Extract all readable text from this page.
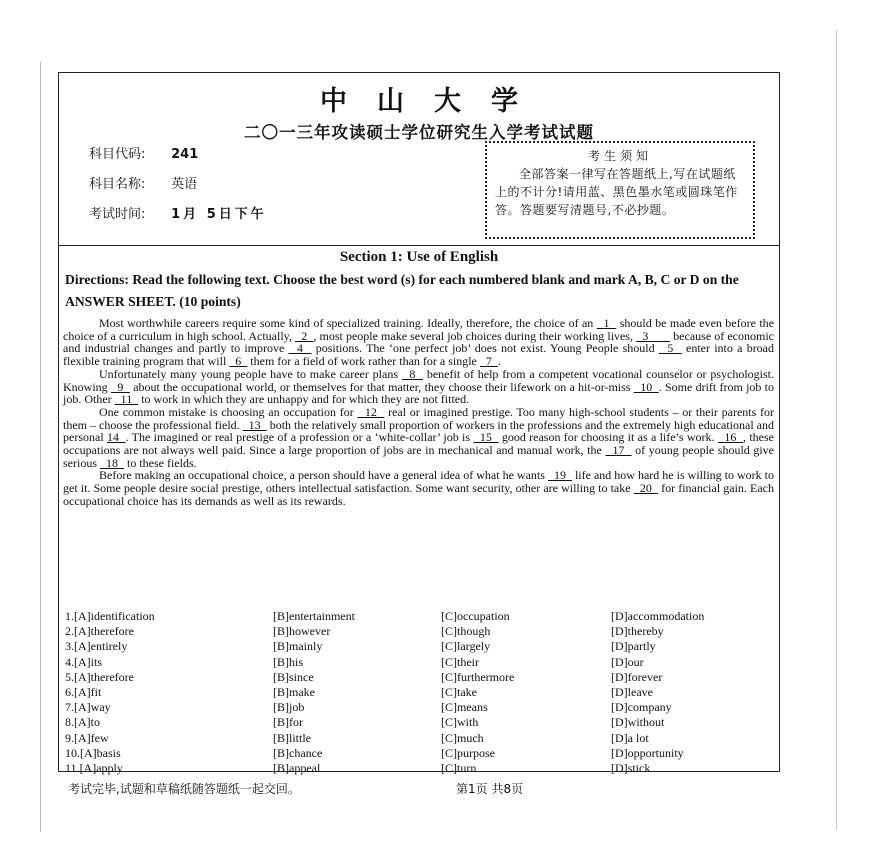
中山大学
二〇一三年攻读硕士学位研究生入学考试试题
科目代码: 241
科目名称: 英语
考试时间: 1月 5日下午
考生须知
全部答案一律写在答题纸上,写在试题纸上的不计分!请用蓝、黑色墨水笔或圆珠笔作答。答题要写清题号,不必抄题。
Section 1: Use of English
Directions: Read the following text. Choose the best word (s) for each numbered blank and mark A, B, C or D on the ANSWER SHEET. (10 points)

Most worthwhile careers require some kind of specialized training. Ideally, therefore, the choice of an   1   should be made even before the choice of a curriculum in high school. Actually,   2  , most people make several job choices during their working lives,   3        because of economic and industrial changes and partly to improve   4   positions. The ‘one perfect job’ does not exist. Young People should   5   enter into a broad flexible training program that will   6   them for a field of work rather than for a single   7  .

Unfortunately many young people have to make career plans   8   benefit of help from a competent vocational counselor or psychologist. Knowing   9   about the occupational world, or themselves for that matter, they choose their lifework on a hit-or-miss   10  . Some drift from job to job. Other   11   to work in which they are unhappy and for which they are not fitted.

One common mistake is choosing an occupation for   12   real or imagined prestige. Too many high-school students – or their parents for them – choose the professional field.   13   both the relatively small proportion of workers in the professions and the extremely high educational and personal 14  . The imagined or real prestige of a profession or a ‘white-collar’ job is   15   good reason for choosing it as a life’s work.   16  , these occupations are not always well paid. Since a large proportion of jobs are in mechanical and manual work, the   17   of young people should give serious   18   to these fields.

Before making an occupational choice, a person should have a general idea of what he wants   19   life and how hard he is willing to work to get it. Some people desire social prestige, others intellectual satisfaction. Some want security, other are willing to take   20   for financial gain. Each occupational choice has its demands as well as its rewards.

1.[A]identification	[B]entertainment	[C]occupation	[D]accommodation
2.[A]therefore	[B]however	[C]though	[D]thereby
3.[A]entirely	[B]mainly	[C]largely	[D]partly
4.[A]its	[B]his	[C]their	[D]our
5.[A]therefore	[B]since	[C]furthermore	[D]forever
6.[A]fit	[B]make	[C]take	[D]leave
7.[A]way	[B]job	[C]means	[D]company
8.[A]to	[B]for	[C]with	[D]without
9.[A]few	[B]little	[C]much	[D]a lot
10.[A]basis	[B]chance	[C]purpose	[D]opportunity
11.[A]apply	[B]appeal	[C]turn	[D]stick
考试完毕,试题和草稿纸随答题纸一起交回。	第1页 共8页
